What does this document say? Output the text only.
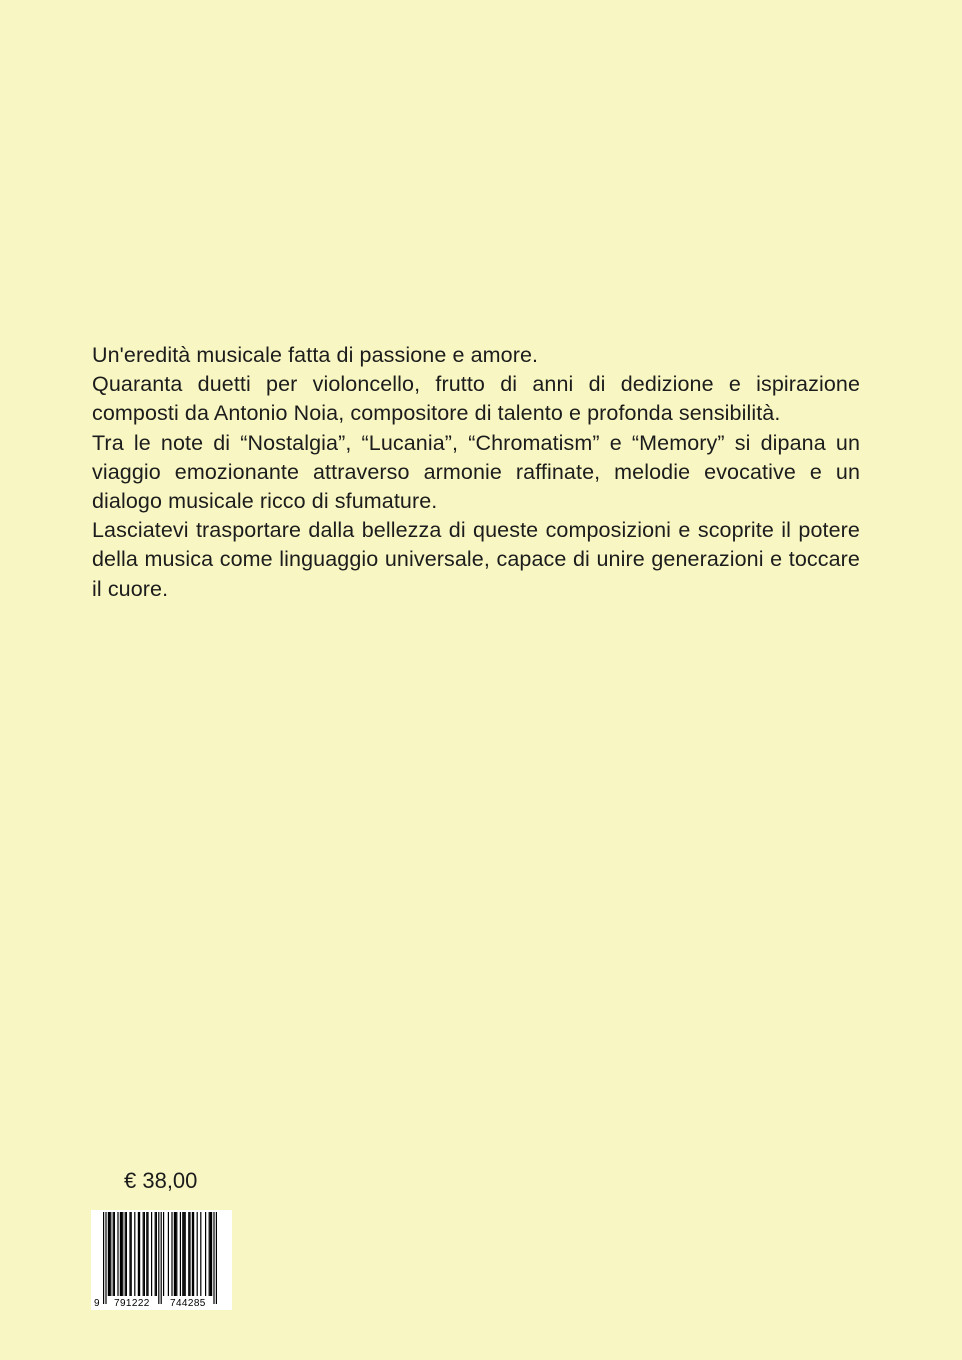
Un'eredità musicale fatta di passione e amore.

Quaranta duetti per violoncello, frutto di anni di dedizione e ispirazione composti da Antonio Noia, compositore di talento e profonda sensibilità.

Tra le note di “Nostalgia”, “Lucania”, “Chromatism” e “Memory” si dipana un viaggio emozionante attraverso armonie raffinate, melodie evocative e un dialogo musicale ricco di sfumature.

Lasciatevi trasportare dalla bellezza di queste composizioni e scoprite il potere della musica come linguaggio universale, capace di unire generazioni e toccare il cuore.

€ 38,00
9 791222 744285
